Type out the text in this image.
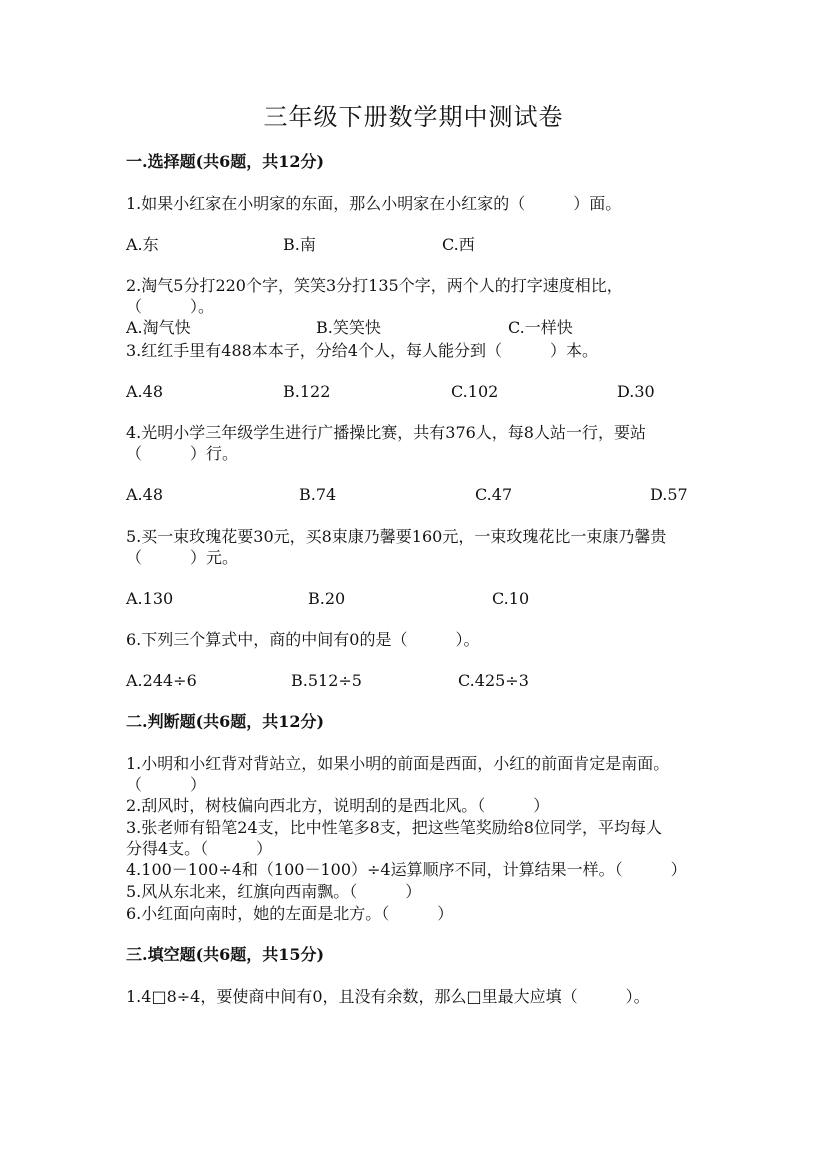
三年级下册数学期中测试卷
一.选择题(共6题，共12分)
1.如果小红家在小明家的东面，那么小明家在小红家的（　　　）面。
A.东	B.南	C.西
2.淘气5分打220个字，笑笑3分打135个字，两个人的打字速度相比，
（　　　）。
A.淘气快	B.笑笑快	C.一样快
3.红红手里有488本本子，分给4个人，每人能分到（　　　）本。
A.48	B.122	C.102	D.30
4.光明小学三年级学生进行广播操比赛，共有376人，每8人站一行，要站
（　　　）行。
A.48	B.74	C.47	D.57
5.买一束玫瑰花要30元，买8束康乃馨要160元，一束玫瑰花比一束康乃馨贵
（　　　）元。
A.130	B.20	C.10
6.下列三个算式中，商的中间有0的是（　　　）。
A.244÷6	B.512÷5	C.425÷3
二.判断题(共6题，共12分)
1.小明和小红背对背站立，如果小明的前面是西面，小红的前面肯定是南面。
（　　　）
2.刮风时，树枝偏向西北方，说明刮的是西北风。（　　　）
3.张老师有铅笔24支，比中性笔多8支，把这些笔奖励给8位同学，平均每人
分得4支。（　　　）
4.100－100÷4和（100－100）÷4运算顺序不同，计算结果一样。（　　　）
5.风从东北来，红旗向西南飘。（　　　）
6.小红面向南时，她的左面是北方。（　　　）
三.填空题(共6题，共15分)
1.4□8÷4，要使商中间有0，且没有余数，那么□里最大应填（　　　）。
